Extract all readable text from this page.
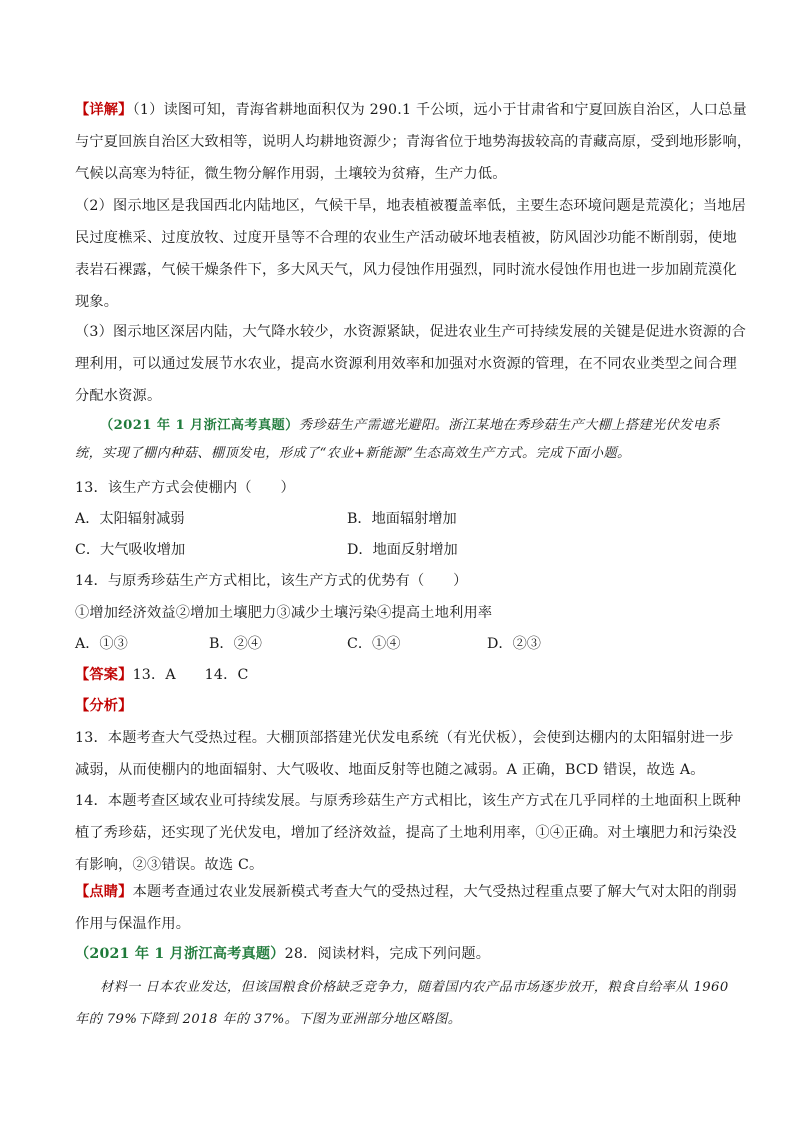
【详解】（1）读图可知，青海省耕地面积仅为 290.1 千公顷，远小于甘肃省和宁夏回族自治区，人口总量
与宁夏回族自治区大致相等，说明人均耕地资源少；青海省位于地势海拔较高的青藏高原，受到地形影响，
气候以高寒为特征，微生物分解作用弱，土壤较为贫瘠，生产力低。
（2）图示地区是我国西北内陆地区，气候干旱，地表植被覆盖率低，主要生态环境问题是荒漠化；当地居
民过度樵采、过度放牧、过度开垦等不合理的农业生产活动破坏地表植被，防风固沙功能不断削弱，使地
表岩石裸露，气候干燥条件下，多大风天气，风力侵蚀作用强烈，同时流水侵蚀作用也进一步加剧荒漠化
现象。
（3）图示地区深居内陆，大气降水较少，水资源紧缺，促进农业生产可持续发展的关键是促进水资源的合
理利用，可以通过发展节水农业，提高水资源利用效率和加强对水资源的管理，在不同农业类型之间合理
分配水资源。
（2021 年 1 月浙江高考真题）秀珍菇生产需遮光避阳。浙江某地在秀珍菇生产大棚上搭建光伏发电系
统，实现了棚内种菇、棚顶发电，形成了“农业+新能源”生态高效生产方式。完成下面小题。
13．该生产方式会使棚内（　　）
A．太阳辐射减弱	B．地面辐射增加
C．大气吸收增加	D．地面反射增加
14．与原秀珍菇生产方式相比，该生产方式的优势有（　　）
①增加经济效益②增加土壤肥力③减少土壤污染④提高土地利用率
A．①③	B．②④	C．①④	D．②③
【答案】13．A　　14．C
【分析】
13．本题考查大气受热过程。大棚顶部搭建光伏发电系统（有光伏板），会使到达棚内的太阳辐射进一步
减弱，从而使棚内的地面辐射、大气吸收、地面反射等也随之减弱。A 正确，BCD 错误，故选 A。
14．本题考查区域农业可持续发展。与原秀珍菇生产方式相比，该生产方式在几乎同样的土地面积上既种
植了秀珍菇，还实现了光伏发电，增加了经济效益，提高了土地利用率，①④正确。对土壤肥力和污染没
有影响，②③错误。故选 C。
【点睛】本题考查通过农业发展新模式考查大气的受热过程，大气受热过程重点要了解大气对太阳的削弱
作用与保温作用。
（2021 年 1 月浙江高考真题）28．阅读材料，完成下列问题。
材料一 日本农业发达，但该国粮食价格缺乏竞争力，随着国内农产品市场逐步放开，粮食自给率从 1960
年的 79%下降到 2018 年的 37%。下图为亚洲部分地区略图。
